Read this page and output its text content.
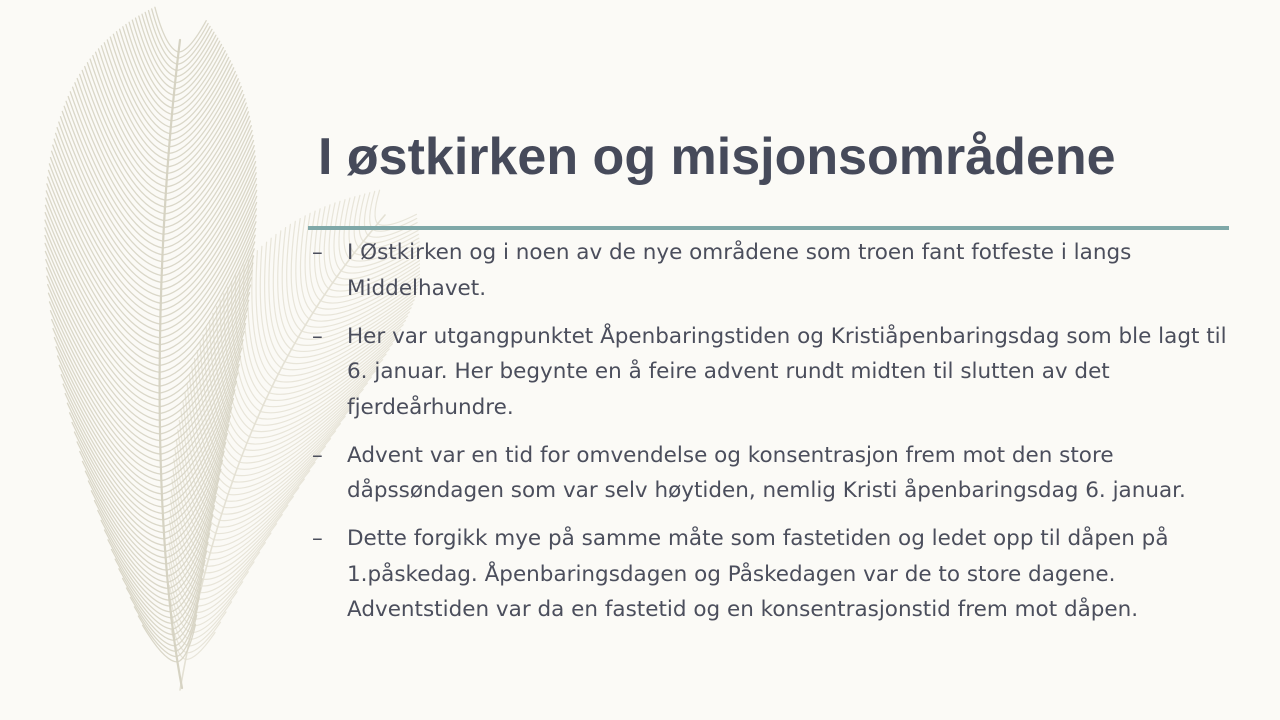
I østkirken og misjonsområdene
–	I Østkirken og i noen av de nye områdene som troen fant fotfeste i langs Middelhavet.
–	Her var utgangpunktet Åpenbaringstiden og Kristiåpenbaringsdag som ble lagt til 6. januar. Her begynte en å feire advent rundt midten til slutten av det fjerdeårhundre.
–	Advent var en tid for omvendelse og konsentrasjon frem mot den store dåpssøndagen som var selv høytiden, nemlig Kristi åpenbaringsdag 6. januar.
–	Dette forgikk mye på samme måte som fastetiden og ledet opp til dåpen på 1.påskedag. Åpenbaringsdagen og Påskedagen var de to store dagene. Adventstiden var da en fastetid og en konsentrasjonstid frem mot dåpen.
